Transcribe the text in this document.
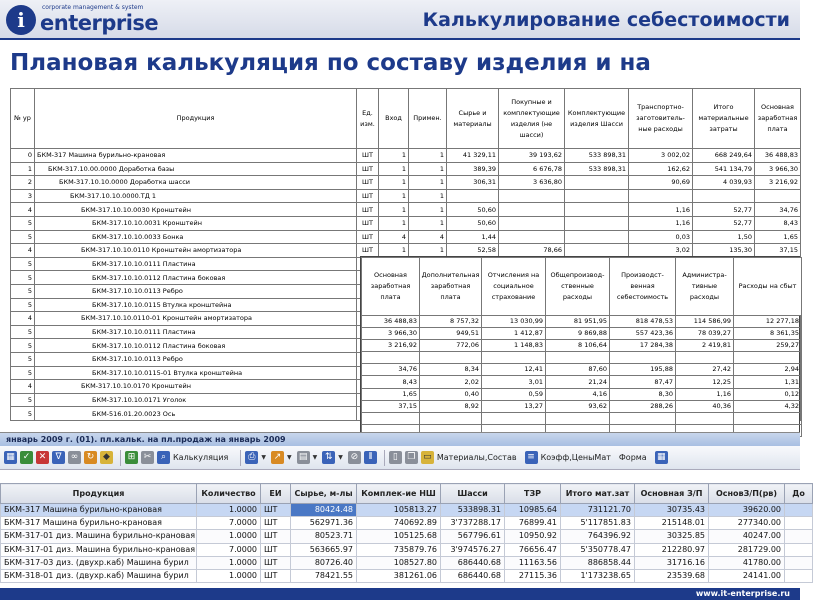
i
corporate management & system
enterprise	Калькулирование себестоимости
Плановая калькуляция по составу изделия и на
№ ур	Продукция	Ед. изм.	Вход	Примен.	Сырье и материалы	Покупные и комплектующие изделия (не шасси)	Комплектующие изделия Шасси	Транспортно-заготовитель-ные расходы	Итого материальные затраты	Основная заработная плата
0	БКМ-317 Машина бурильно-крановая	ШТ	1	1	41 329,11	39 193,62	533 898,31	3 002,02	668 249,64	36 488,83
1	БКМ-317.10.00.0000 Доработка базы	ШТ	1	1	389,39	6 676,78	533 898,31	162,62	541 134,79	3 966,30
2	БКМ-317.10.10.0000 Доработка шасси	ШТ	1	1	306,31	3 636,80		90,69	4 039,93	3 216,92
3	БКМ-317.10.10.0000.ТД 1	ШТ	1	1						
4	БКМ-317.10.10.0030 Кронштейн	ШТ	1	1	50,60			1,16	52,77	34,76
5	БКМ-317.10.10.0031 Кронштейн	ШТ	1	1	50,60			1,16	52,77	8,43
5	БКМ-317.10.10.0033 Бонка	ШТ	4	4	1,44			0,03	1,50	1,65
4	БКМ-317.10.10.0110 Кронштейн амортизатора	ШТ	1	1	52,58	78,66		3,02	135,30	37,15
5	БКМ-317.10.10.0111 Пластина									
5	БКМ-317.10.10.0112 Пластина боковая									
5	БКМ-317.10.10.0113 Ребро									
5	БКМ-317.10.10.0115 Втулка кронштейна									
4	БКМ-317.10.10.0110-01 Кронштейн амортизатора									
5	БКМ-317.10.10.0111 Пластина									
5	БКМ-317.10.10.0112 Пластина боковая									
5	БКМ-317.10.10.0113 Ребро									
5	БКМ-317.10.10.0115-01 Втулка кронштейна									
4	БКМ-317.10.10.0170 Кронштейн									
5	БКМ-317.10.10.0171 Уголок									
5	БКМ-516.01.20.0023 Ось									
Основная заработная плата	Дополнительная заработная плата	Отчисления на социальное страхование	Общепроизвод-ственные расходы	Производст-венная себестоимость	Администра-тивные расходы	Расходы на сбыт
36 488,83	8 757,32	13 030,99	81 951,95	818 478,53	114 586,99	12 277,18
3 966,30	949,51	1 412,87	9 869,88	557 423,36	78 039,27	8 361,35
3 216,92	772,06	1 148,83	8 106,64	17 284,38	2 419,81	259,27

34,76	8,34	12,41	87,60	195,88	27,42	2,94
8,43	2,02	3,01	21,24	87,47	12,25	1,31
1,65	0,40	0,59	4,16	8,30	1,16	0,12
37,15	8,92	13,27	93,62	288,26	40,36	4,32

январь 2009 г. (01). пл.кальк. на пл.продаж на январь 2009
▦ ✓ ✕	∇	∞ ↻ ◆	⊞ ✂	⌕ Калькуляция	⎙ ▼ ↗ ▼ ▤ ▼ ⇅ ▼ ⊘	⫴	▯	❐ ▭ Материалы,Состав	≡ Коэфф,ЦеныМат Форма ▦
Продукция	Количество	ЕИ	Сырье, м-лы	Комплек-ие НШ	Шасси	ТЗР	Итого мат.зат	Основная З/П	ОсновЗ/П(рв)	До
БКМ-317 Машина бурильно-крановая	1.0000	ШТ	80424.48	105813.27	533898.31	10985.64	731121.70	30735.43	39620.00	
БКМ-317 Машина бурильно-крановая	7.0000	ШТ	562971.36	740692.89	3'737288.17	76899.41	5'117851.83	215148.01	277340.00	
БКМ-317-01 диз. Машина бурильно-крановая	1.0000	ШТ	80523.71	105125.68	567796.61	10950.92	764396.92	30325.85	40247.00	
БКМ-317-01 диз. Машина бурильно-крановая	7.0000	ШТ	563665.97	735879.76	3'974576.27	76656.47	5'350778.47	212280.97	281729.00	
БКМ-317-03 диз. (двухр.каб) Машина бурил	1.0000	ШТ	80726.40	108527.80	686440.68	11163.56	886858.44	31716.16	41780.00	
БКМ-318-01 диз. (двухр.каб) Машина бурил	1.0000	ШТ	78421.55	381261.06	686440.68	27115.36	1'173238.65	23539.68	24141.00	
www.it-enterprise.ru
